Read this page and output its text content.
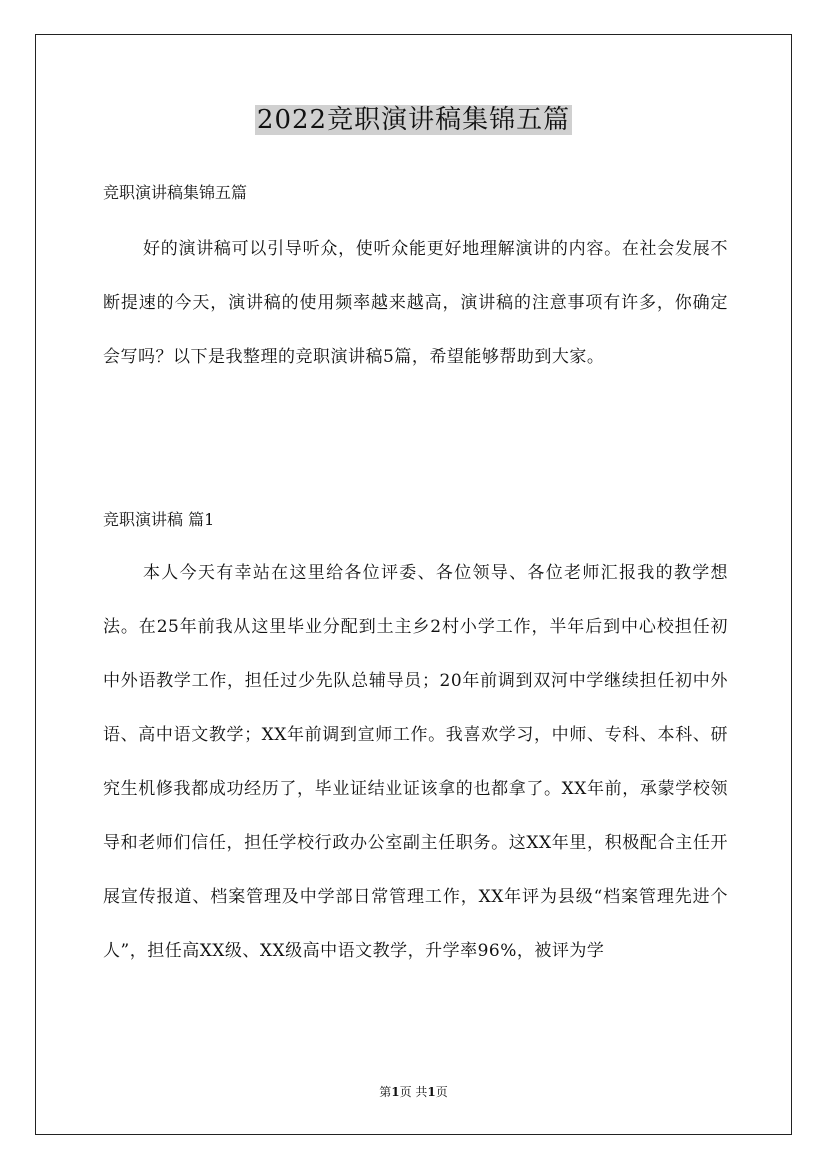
2022竞职演讲稿集锦五篇
竞职演讲稿集锦五篇

好的演讲稿可以引导听众，使听众能更好地理解演讲的内容。在社会发展不断提速的今天，演讲稿的使用频率越来越高，演讲稿的注意事项有许多，你确定会写吗？以下是我整理的竞职演讲稿5篇，希望能够帮助到大家。

竞职演讲稿 篇1

本人今天有幸站在这里给各位评委、各位领导、各位老师汇报我的教学想法。在25年前我从这里毕业分配到土主乡2村小学工作，半年后到中心校担任初中外语教学工作，担任过少先队总辅导员；20年前调到双河中学继续担任初中外语、高中语文教学；XX年前调到宣师工作。我喜欢学习，中师、专科、本科、研究生机修我都成功经历了，毕业证结业证该拿的也都拿了。XX年前，承蒙学校领导和老师们信任，担任学校行政办公室副主任职务。这XX年里，积极配合主任开展宣传报道、档案管理及中学部日常管理工作，XX年评为县级“档案管理先进个人”，担任高XX级、XX级高中语文教学，升学率96%，被评为学

第1页 共1页
